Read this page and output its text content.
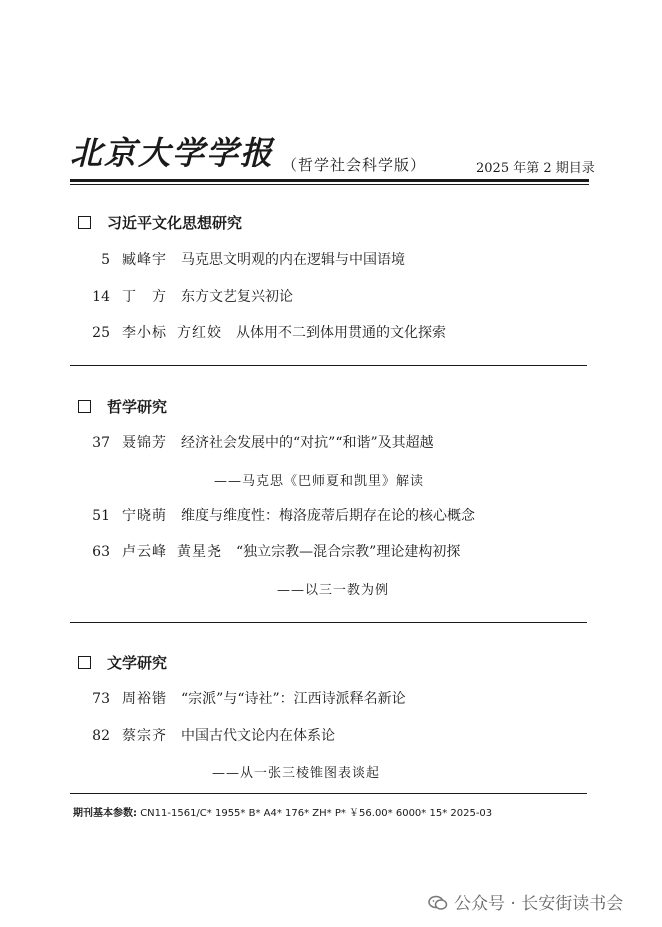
北京大学学报 （哲学社会科学版）	2025 年第 2 期目录
习近平文化思想研究
5 臧峰宇 马克思文明观的内在逻辑与中国语境
14 丁　方 东方文艺复兴初论
25 李小标 方红姣 从体用不二到体用贯通的文化探索
哲学研究
37 聂锦芳 经济社会发展中的“对抗”“和谐”及其超越
——马克思《巴师夏和凯里》解读
51 宁晓萌 维度与维度性：梅洛庞蒂后期存在论的核心概念
63 卢云峰 黄星尧 “独立宗教—混合宗教”理论建构初探
——以三一教为例
文学研究
73 周裕锴 “宗派”与“诗社”：江西诗派释名新论
82 蔡宗齐 中国古代文论内在体系论
——从一张三棱锥图表谈起
期刊基本参数: CN11-1561/C* 1955* B* A4* 176* ZH* P* ￥56.00* 6000* 15* 2025-03
公众号 · 长安街读书会
